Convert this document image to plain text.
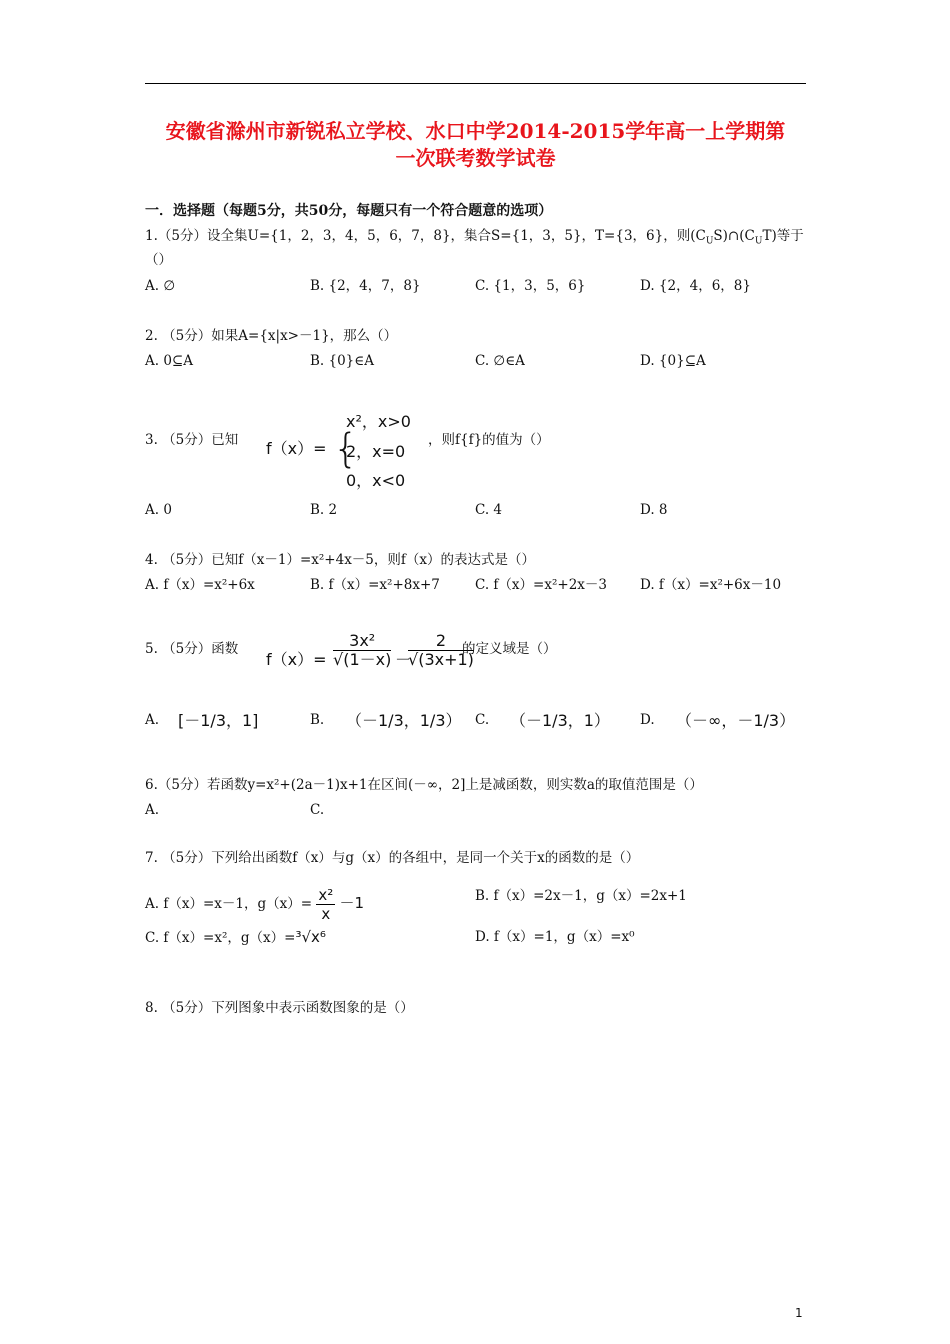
安徽省滁州市新锐私立学校、水口中学2014-2015学年高一上学期第
一次联考数学试卷
一．选择题（每题5分，共50分，每题只有一个符合题意的选项）
1.（5分）设全集U={1，2，3，4，5，6，7，8}，集合S={1，3，5}，T={3，6}，则$(C_US)\cap(C_UT)$等于
（）
A. ∅	B. {2，4，7，8}	C. {1，3，5，6}	D. {2，4，6，8}
2. （5分）如果A={x|x>－1}，那么（）
A. 0⊆A	B. {0}∈A	C. ∅∈A	D. {0}⊆A
3. （5分）已知 f（x）= {
x²，x>0
2，x=0
0，x<0
，则f{f}的值为（）
A. 0	B. 2	C. 4	D. 8
4. （5分）已知f（x－1）=x²+4x－5，则f（x）的表达式是（）
A. f（x）=x²+6x	B. f（x）=x²+8x+7	C. f（x）=x²+2x－3 D. f（x）=x²+6x－10
5. （5分）函数
$f(x)= \frac{\text{3x²}}{√(1-x)}$ －
$\frac{2}{√(3x+1)}$
的定义域是（）
A. [－1/3，1]	B. （－1/3，1/3） C. （－1/3，1） D. （－∞，－1/3）
6.（5分）若函数y=x²+(2a－1)x+1在区间(－∞，2]上是减函数，则实数a的取值范围是（）
A.	C.
7. （5分）下列给出函数f（x）与g（x）的各组中，是同一个关于x的函数的是（）
A. f（x）=x－1，$g(x)= \frac{\text{x²}}{x} -1$	B. f（x）=2x－1，g（x）=2x+1
C. f（x）=x²，g（x）=³√x⁶	D. f（x）=1，g（x）=x⁰
8. （5分）下列图象中表示函数图象的是（）
1
